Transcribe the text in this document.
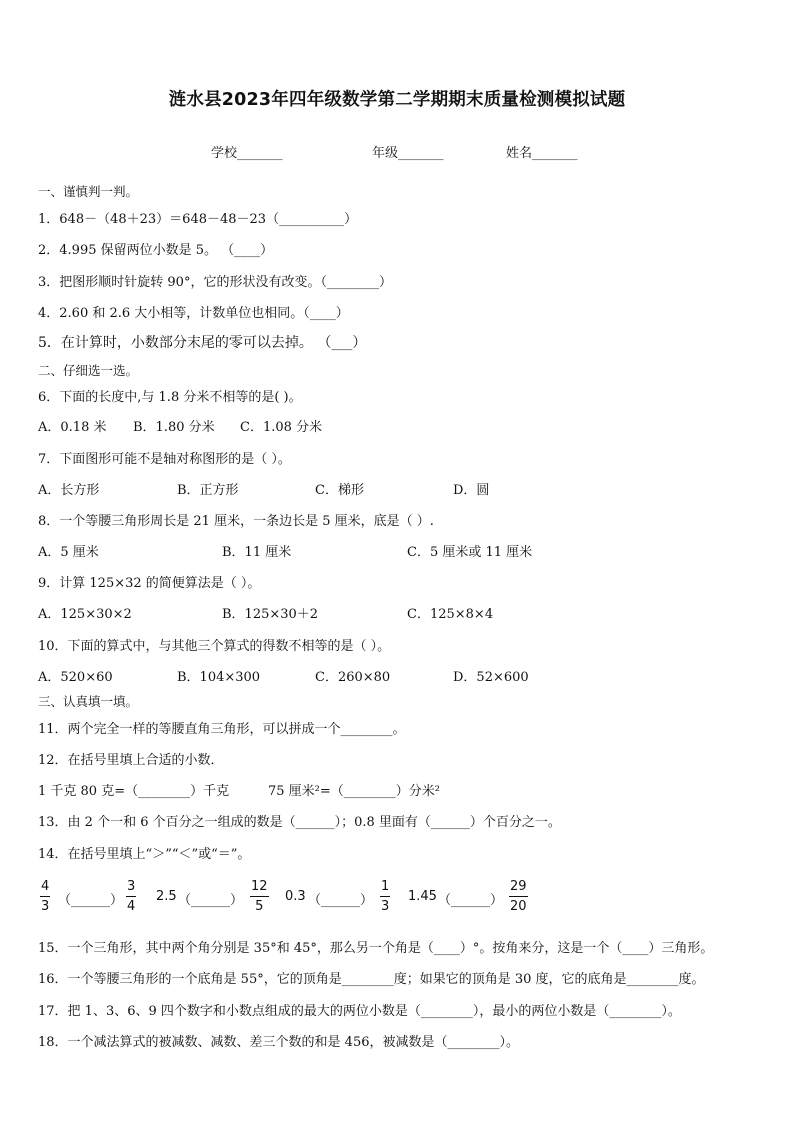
涟水县2023年四年级数学第二学期期末质量检测模拟试题
学校_______	年级_______	姓名_______
一、谨慎判一判。
1．648－（48＋23）＝648－48－23（__________）
2．4.995 保留两位小数是 5。 （____）
3．把图形顺时针旋转 90°，它的形状没有改变。（________）
4．2.60 和 2.6 大小相等，计数单位也相同。（____）
5．在计算时，小数部分末尾的零可以去掉。 （___）
二、仔细选一选。
6．下面的长度中,与 1.8 分米不相等的是( )。
A．0.18 米 B．1.80 分米 C．1.08 分米
7．下面图形可能不是轴对称图形的是（ ）。
A．长方形	B．正方形	C．梯形	D．圆
8．一个等腰三角形周长是 21 厘米，一条边长是 5 厘米，底是（ ）.
A．5 厘米	B．11 厘米	C．5 厘米或 11 厘米
9．计算 125×32 的简便算法是（ ）。
A．125×30×2	B．125×30＋2	C．125×8×4
10．下面的算式中，与其他三个算式的得数不相等的是（ ）。
A．520×60	B．104×300	C．260×80	D．52×600
三、认真填一填。
11．两个完全一样的等腰直角三角形，可以拼成一个________。
12．在括号里填上合适的小数．
1 千克 80 克=（________）千克	75 厘米²=（________）分米²
13．由 2 个一和 6 个百分之一组成的数是（______）；0.8 里面有（______）个百分之一。
14．在括号里填上“＞”“＜”或“＝”。
4
3 （______）
3
4
2.5 （______）
12
5
0.3 （______）
1
3
1.45 （______）
29
20
15．一个三角形，其中两个角分别是 35°和 45°，那么另一个角是（____）°。按角来分，这是一个（____）三角形。
16．一个等腰三角形的一个底角是 55°，它的顶角是________度；如果它的顶角是 30 度，它的底角是________度。
17．把 1、3、6、9 四个数字和小数点组成的最大的两位小数是（________），最小的两位小数是（________）。
18．一个减法算式的被减数、减数、差三个数的和是 456，被减数是（________）。
